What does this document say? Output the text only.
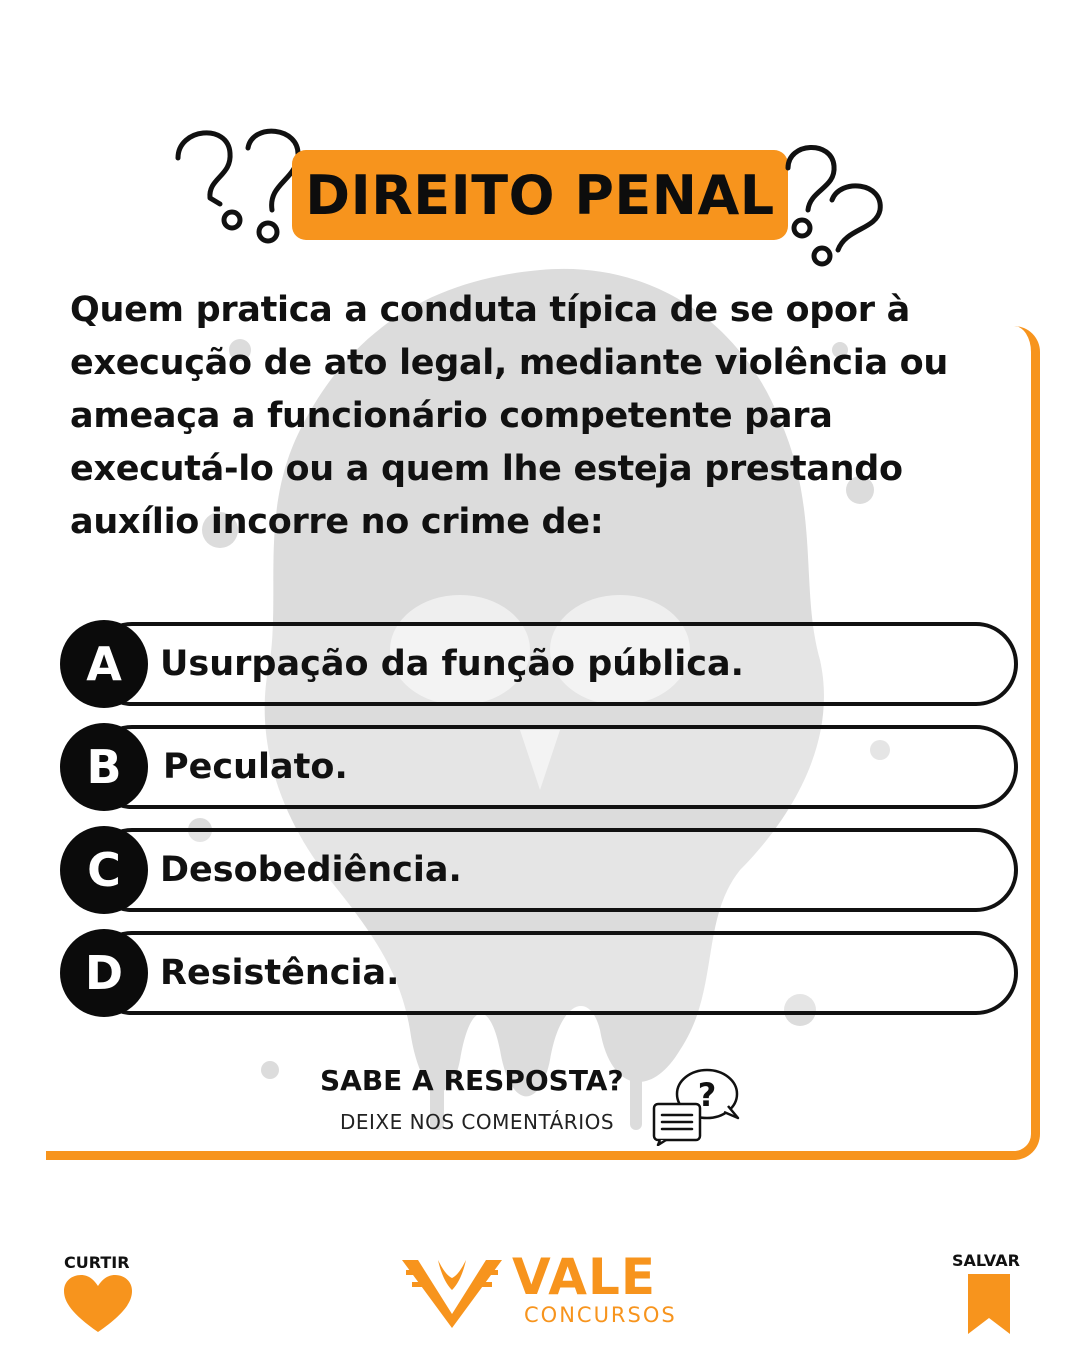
DIREITO PENAL
Quem pratica a conduta típica de se opor à execução de ato legal, mediante violência ou ameaça a funcionário competente para executá-lo ou a quem lhe esteja prestando auxílio incorre no crime de:
A	Usurpação da função pública.
B	Peculato.
C	Desobediência.
D	Resistência.
SABE A RESPOSTA?
DEIXE NOS COMENTÁRIOS
?
CURTIR	SALVAR
VALE
CONCURSOS
